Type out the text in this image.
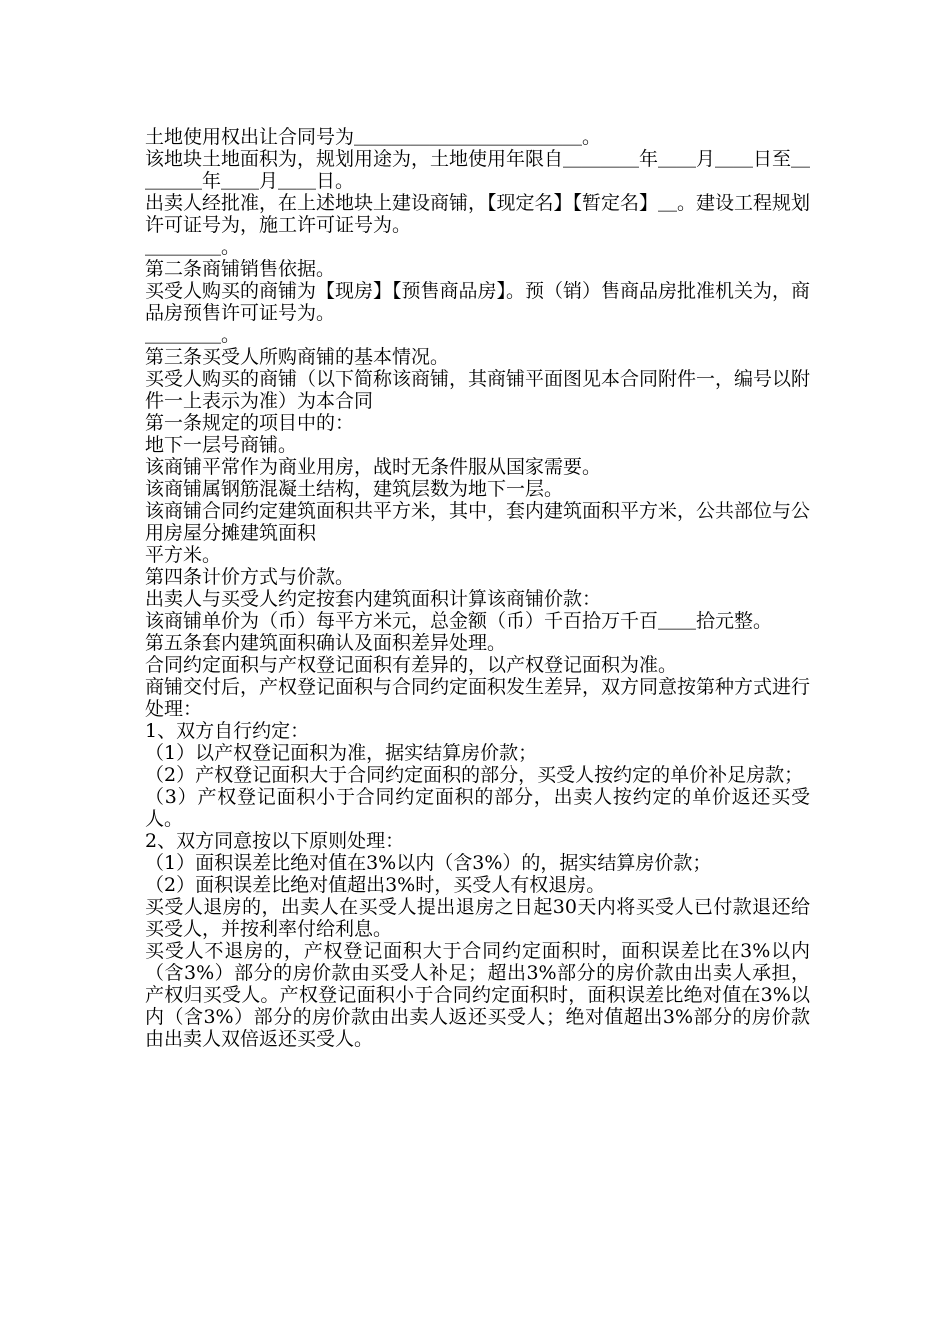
土地使用权出让合同号为＿＿＿＿＿＿＿＿＿＿＿＿。

该地块土地面积为，规划用途为，土地使用年限自＿＿＿＿年＿＿月＿＿日至＿＿＿＿年＿＿月＿＿日。

出卖人经批准，在上述地块上建设商铺，【现定名】【暂定名】＿。建设工程规划许可证号为，施工许可证号为。

＿＿＿＿。

第二条商铺销售依据。

买受人购买的商铺为【现房】【预售商品房】。预（销）售商品房批准机关为，商品房预售许可证号为。

＿＿＿＿。

第三条买受人所购商铺的基本情况。

买受人购买的商铺（以下简称该商铺，其商铺平面图见本合同附件一，编号以附件一上表示为准）为本合同

第一条规定的项目中的：

地下一层号商铺。

该商铺平常作为商业用房，战时无条件服从国家需要。

该商铺属钢筋混凝土结构，建筑层数为地下一层。

该商铺合同约定建筑面积共平方米，其中，套内建筑面积平方米，公共部位与公用房屋分摊建筑面积

平方米。

第四条计价方式与价款。

出卖人与买受人约定按套内建筑面积计算该商铺价款：

该商铺单价为（币）每平方米元，总金额（币）千百拾万千百＿＿拾元整。

第五条套内建筑面积确认及面积差异处理。

合同约定面积与产权登记面积有差异的，以产权登记面积为准。

商铺交付后，产权登记面积与合同约定面积发生差异，双方同意按第种方式进行处理：

1、双方自行约定：

（1）以产权登记面积为准，据实结算房价款；

（2）产权登记面积大于合同约定面积的部分，买受人按约定的单价补足房款；

（3）产权登记面积小于合同约定面积的部分，出卖人按约定的单价返还买受人。

2、双方同意按以下原则处理：

（1）面积误差比绝对值在3%以内（含3%）的，据实结算房价款；

（2）面积误差比绝对值超出3%时，买受人有权退房。

买受人退房的，出卖人在买受人提出退房之日起30天内将买受人已付款退还给买受人，并按利率付给利息。

买受人不退房的，产权登记面积大于合同约定面积时，面积误差比在3%以内（含3%）部分的房价款由买受人补足；超出3%部分的房价款由出卖人承担，产权归买受人。产权登记面积小于合同约定面积时，面积误差比绝对值在3%以内（含3%）部分的房价款由出卖人返还买受人；绝对值超出3%部分的房价款由出卖人双倍返还买受人。
